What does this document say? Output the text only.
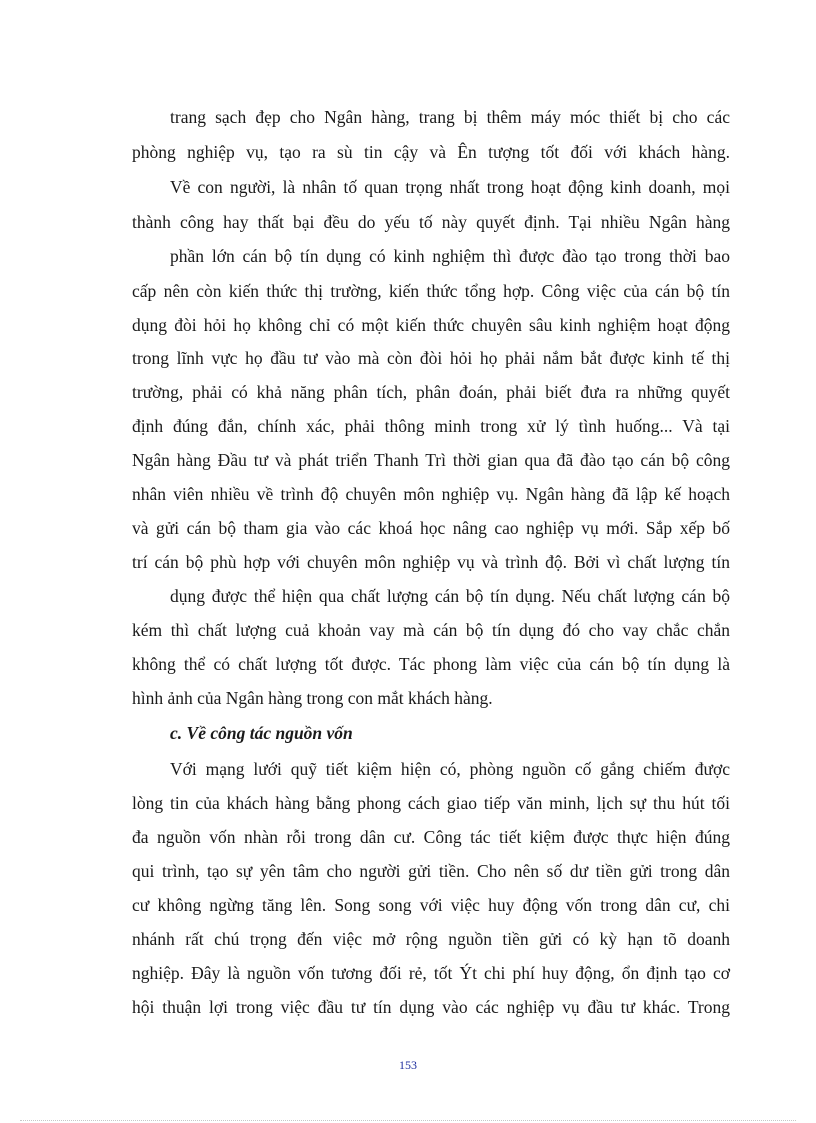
trang sạch đẹp cho Ngân hàng, trang bị thêm máy móc thiết bị cho các
phòng nghiệp vụ, tạo ra sù tin cậy và Ên tượng tốt đối với khách hàng.
Về con người, là nhân tố quan trọng nhất trong hoạt động kinh doanh, mọi
thành công hay thất bại đều do yếu tố này quyết định. Tại nhiều Ngân hàng
phần lớn cán bộ tín dụng có kinh nghiệm thì được đào tạo trong thời bao
cấp nên còn kiến thức thị trường, kiến thức tổng hợp. Công việc của cán bộ tín
dụng đòi hỏi họ không chỉ có một kiến thức chuyên sâu kinh nghiệm hoạt động
trong lĩnh vực họ đầu tư vào mà còn đòi hỏi họ phải nắm bắt được kinh tế thị
trường, phải có khả năng phân tích, phân đoán, phải biết đưa ra những quyết
định đúng đắn, chính xác, phải thông minh trong xử lý tình huống... Và tại
Ngân hàng Đầu tư và phát triển Thanh Trì thời gian qua đã đào tạo cán bộ công
nhân viên nhiều về trình độ chuyên môn nghiệp vụ. Ngân hàng đã lập kế hoạch
và gửi cán bộ tham gia vào các khoá học nâng cao nghiệp vụ mới. Sắp xếp bố
trí cán bộ phù hợp với chuyên môn nghiệp vụ và trình độ. Bởi vì chất lượng tín
dụng được thể hiện qua chất lượng cán bộ tín dụng. Nếu chất lượng cán bộ
kém thì chất lượng cuả khoản vay mà cán bộ tín dụng đó cho vay chắc chắn
không thể có chất lượng tốt được. Tác phong làm việc của cán bộ tín dụng là
hình ảnh của Ngân hàng trong con mắt khách hàng.
c. Về công tác nguồn vốn
Với mạng lưới quỹ tiết kiệm hiện có, phòng nguồn cố gắng chiếm được
lòng tin của khách hàng bằng phong cách giao tiếp văn minh, lịch sự thu hút tối
đa nguồn vốn nhàn rỗi trong dân cư. Công tác tiết kiệm được thực hiện đúng
qui trình, tạo sự yên tâm cho người gửi tiền. Cho nên số dư tiền gửi trong dân
cư không ngừng tăng lên. Song song với việc huy động vốn trong dân cư, chi
nhánh rất chú trọng đến việc mở rộng nguồn tiền gửi có kỳ hạn tõ doanh
nghiệp. Đây là nguồn vốn tương đối rẻ, tốt Ýt chi phí huy động, ổn định tạo cơ
hội thuận lợi trong việc đầu tư tín dụng vào các nghiệp vụ đầu tư khác. Trong
153
